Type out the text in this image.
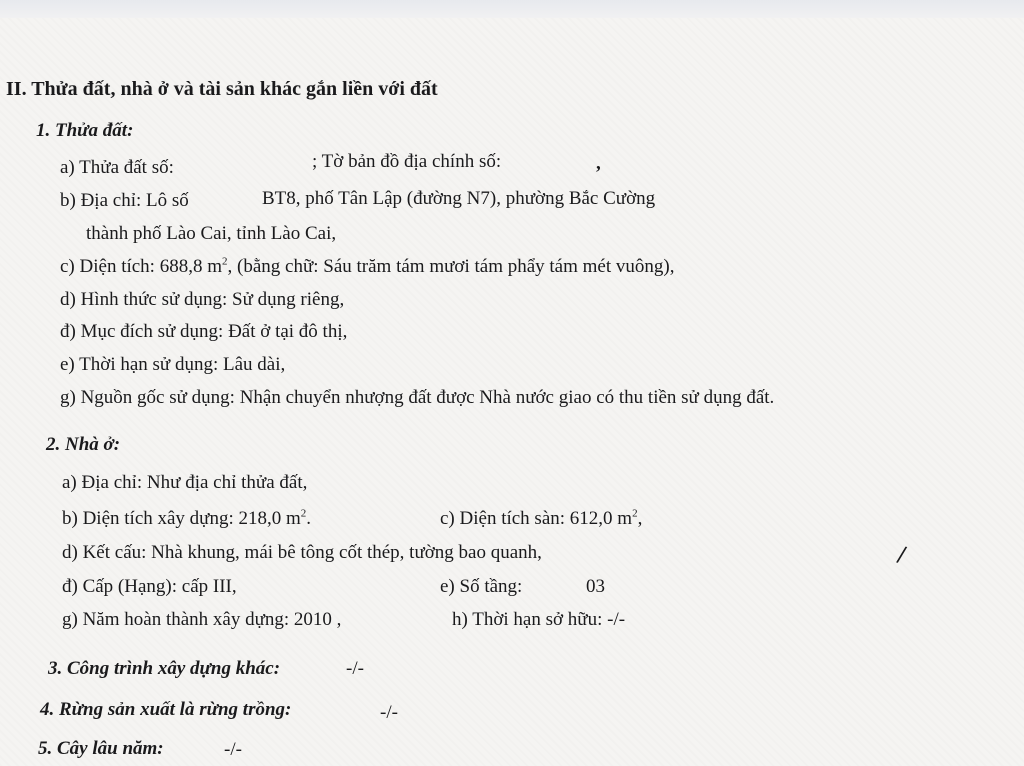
II. Thửa đất, nhà ở và tài sản khác gắn liền với đất
1. Thửa đất:
a) Thửa đất số:	; Tờ bản đồ địa chính số:	,
b) Địa chỉ: Lô số	BT8, phố Tân Lập (đường N7), phường Bắc Cường
thành phố Lào Cai, tỉnh Lào Cai,
c) Diện tích: 688,8 $m^2$, (bằng chữ: Sáu trăm tám mươi tám phẩy tám mét vuông),
d) Hình thức sử dụng: Sử dụng riêng,
đ) Mục đích sử dụng: Đất ở tại đô thị,
e) Thời hạn sử dụng: Lâu dài,
g) Nguồn gốc sử dụng: Nhận chuyển nhượng đất được Nhà nước giao có thu tiền sử dụng đất.
2. Nhà ở:
a) Địa chỉ: Như địa chỉ thửa đất,
b) Diện tích xây dựng: 218,0 $m^2$.	c) Diện tích sàn: 612,0 $m^2$,
d) Kết cấu: Nhà khung, mái bê tông cốt thép, tường bao quanh,	/
đ) Cấp (Hạng): cấp III,	e) Số tầng:	03
g) Năm hoàn thành xây dựng: 2010 ,	h) Thời hạn sở hữu: -/-
3. Công trình xây dựng khác:	-/-
4. Rừng sản xuất là rừng trồng:	-/-
5. Cây lâu năm:	-/-
